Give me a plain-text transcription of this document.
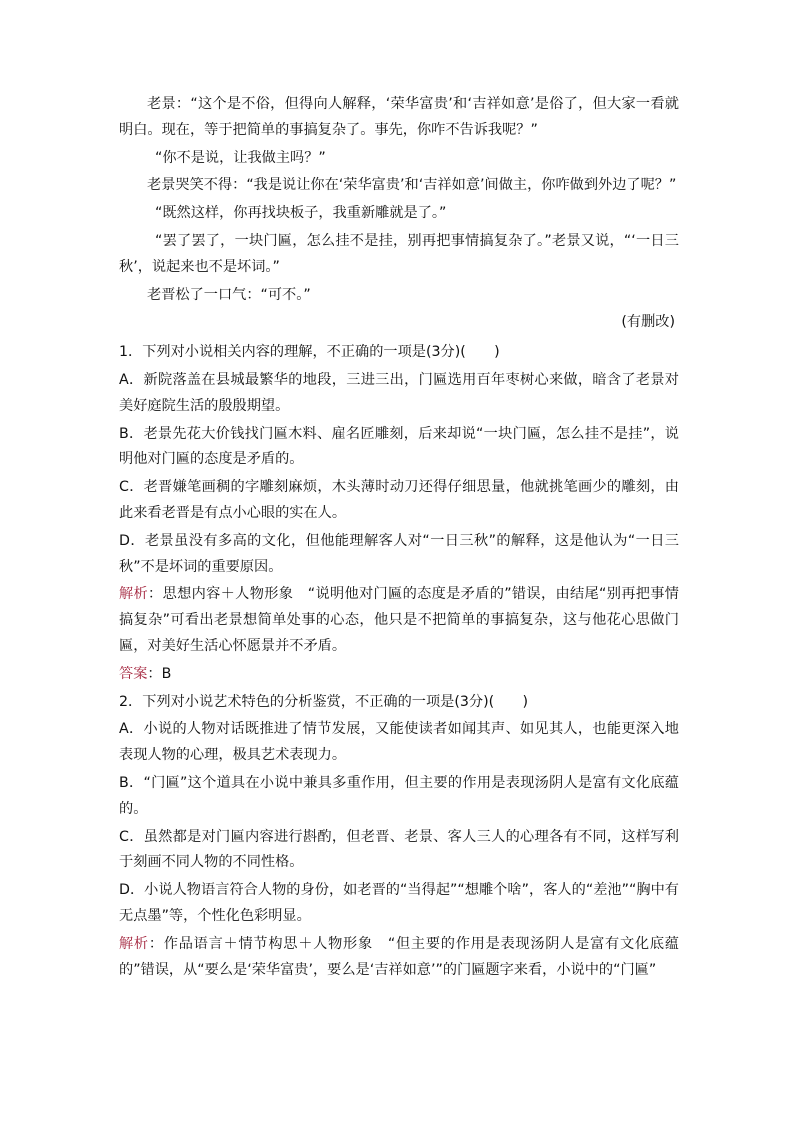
老景：“这个是不俗，但得向人解释，‘荣华富贵’和‘吉祥如意’是俗了，但大家一看就明白。现在，等于把简单的事搞复杂了。事先，你咋不告诉我呢？”

“你不是说，让我做主吗？”

老景哭笑不得：“我是说让你在‘荣华富贵’和‘吉祥如意’间做主，你咋做到外边了呢？”

“既然这样，你再找块板子，我重新雕就是了。”

“罢了罢了，一块门匾，怎么挂不是挂，别再把事情搞复杂了。”老景又说，“‘一日三秋’，说起来也不是坏词。”

老晋松了一口气：“可不。”

(有删改)

1．下列对小说相关内容的理解，不正确的一项是(3分)(　　)

A．新院落盖在县城最繁华的地段，三进三出，门匾选用百年枣树心来做，暗含了老景对美好庭院生活的殷殷期望。

B．老景先花大价钱找门匾木料、雇名匠雕刻，后来却说“一块门匾，怎么挂不是挂”，说明他对门匾的态度是矛盾的。

C．老晋嫌笔画稠的字雕刻麻烦，木头薄时动刀还得仔细思量，他就挑笔画少的雕刻，由此来看老晋是有点小心眼的实在人。

D．老景虽没有多高的文化，但他能理解客人对“一日三秋”的解释，这是他认为“一日三秋”不是坏词的重要原因。

解析：思想内容＋人物形象　“说明他对门匾的态度是矛盾的”错误，由结尾“别再把事情搞复杂”可看出老景想简单处事的心态，他只是不把简单的事搞复杂，这与他花心思做门匾，对美好生活心怀愿景并不矛盾。

答案：B

2．下列对小说艺术特色的分析鉴赏，不正确的一项是(3分)(　　)

A．小说的人物对话既推进了情节发展，又能使读者如闻其声、如见其人，也能更深入地表现人物的心理，极具艺术表现力。

B．“门匾”这个道具在小说中兼具多重作用，但主要的作用是表现汤阴人是富有文化底蕴的。

C．虽然都是对门匾内容进行斟酌，但老晋、老景、客人三人的心理各有不同，这样写利于刻画不同人物的不同性格。

D．小说人物语言符合人物的身份，如老晋的“当得起”“想雕个啥”，客人的“差池”“胸中有无点墨”等，个性化色彩明显。

解析：作品语言＋情节构思＋人物形象　“但主要的作用是表现汤阴人是富有文化底蕴的”错误，从“要么是‘荣华富贵’，要么是‘吉祥如意’”的门匾题字来看，小说中的“门匾”
